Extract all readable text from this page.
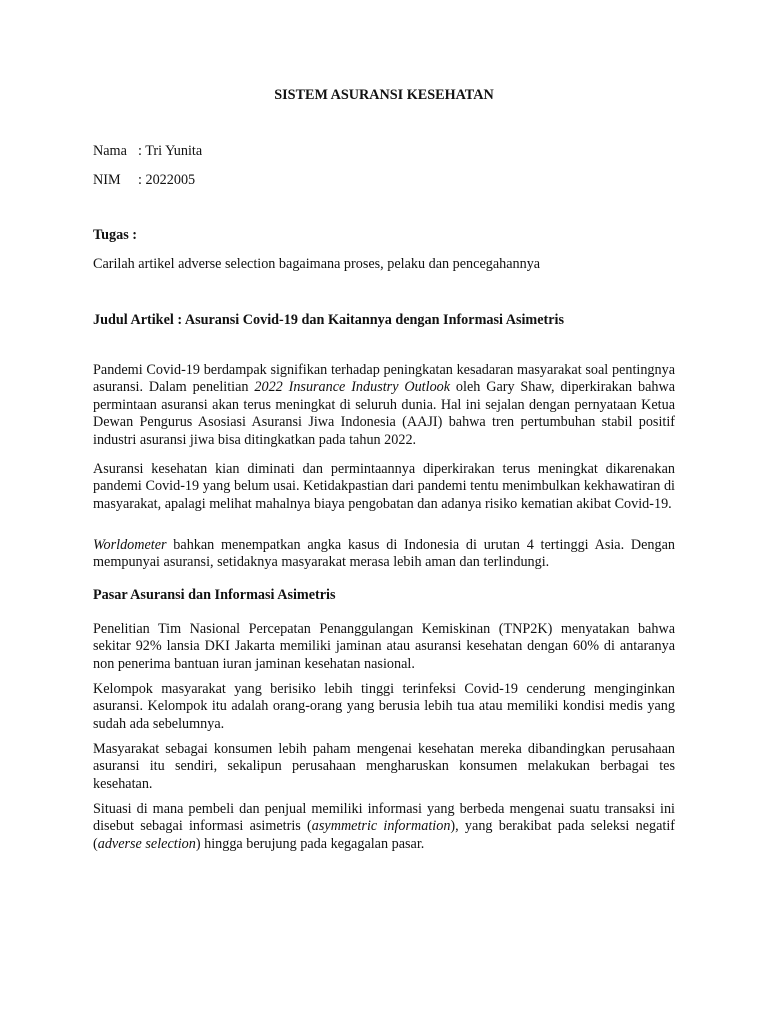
SISTEM ASURANSI KESEHATAN
Nama : Tri Yunita
NIM : 2022005
Tugas :
Carilah artikel adverse selection bagaimana proses, pelaku dan pencegahannya
Judul Artikel : Asuransi Covid-19 dan Kaitannya dengan Informasi Asimetris

Pandemi Covid-19 berdampak signifikan terhadap peningkatan kesadaran masyarakat soal pentingnya asuransi. Dalam penelitian 2022 Insurance Industry Outlook oleh Gary Shaw, diperkirakan bahwa permintaan asuransi akan terus meningkat di seluruh dunia. Hal ini sejalan dengan pernyataan Ketua Dewan Pengurus Asosiasi Asuransi Jiwa Indonesia (AAJI) bahwa tren pertumbuhan stabil positif industri asuransi jiwa bisa ditingkatkan pada tahun 2022.

Asuransi kesehatan kian diminati dan permintaannya diperkirakan terus meningkat dikarenakan pandemi Covid-19 yang belum usai. Ketidakpastian dari pandemi tentu menimbulkan kekhawatiran di masyarakat, apalagi melihat mahalnya biaya pengobatan dan adanya risiko kematian akibat Covid-19.

Worldometer bahkan menempatkan angka kasus di Indonesia di urutan 4 tertinggi Asia. Dengan mempunyai asuransi, setidaknya masyarakat merasa lebih aman dan terlindungi.

Pasar Asuransi dan Informasi Asimetris

Penelitian Tim Nasional Percepatan Penanggulangan Kemiskinan (TNP2K) menyatakan bahwa sekitar 92% lansia DKI Jakarta memiliki jaminan atau asuransi kesehatan dengan 60% di antaranya non penerima bantuan iuran jaminan kesehatan nasional.

Kelompok masyarakat yang berisiko lebih tinggi terinfeksi Covid-19 cenderung menginginkan asuransi. Kelompok itu adalah orang-orang yang berusia lebih tua atau memiliki kondisi medis yang sudah ada sebelumnya.

Masyarakat sebagai konsumen lebih paham mengenai kesehatan mereka dibandingkan perusahaan asuransi itu sendiri, sekalipun perusahaan mengharuskan konsumen melakukan berbagai tes kesehatan.

Situasi di mana pembeli dan penjual memiliki informasi yang berbeda mengenai suatu transaksi ini disebut sebagai informasi asimetris (asymmetric information), yang berakibat pada seleksi negatif (adverse selection) hingga berujung pada kegagalan pasar.
